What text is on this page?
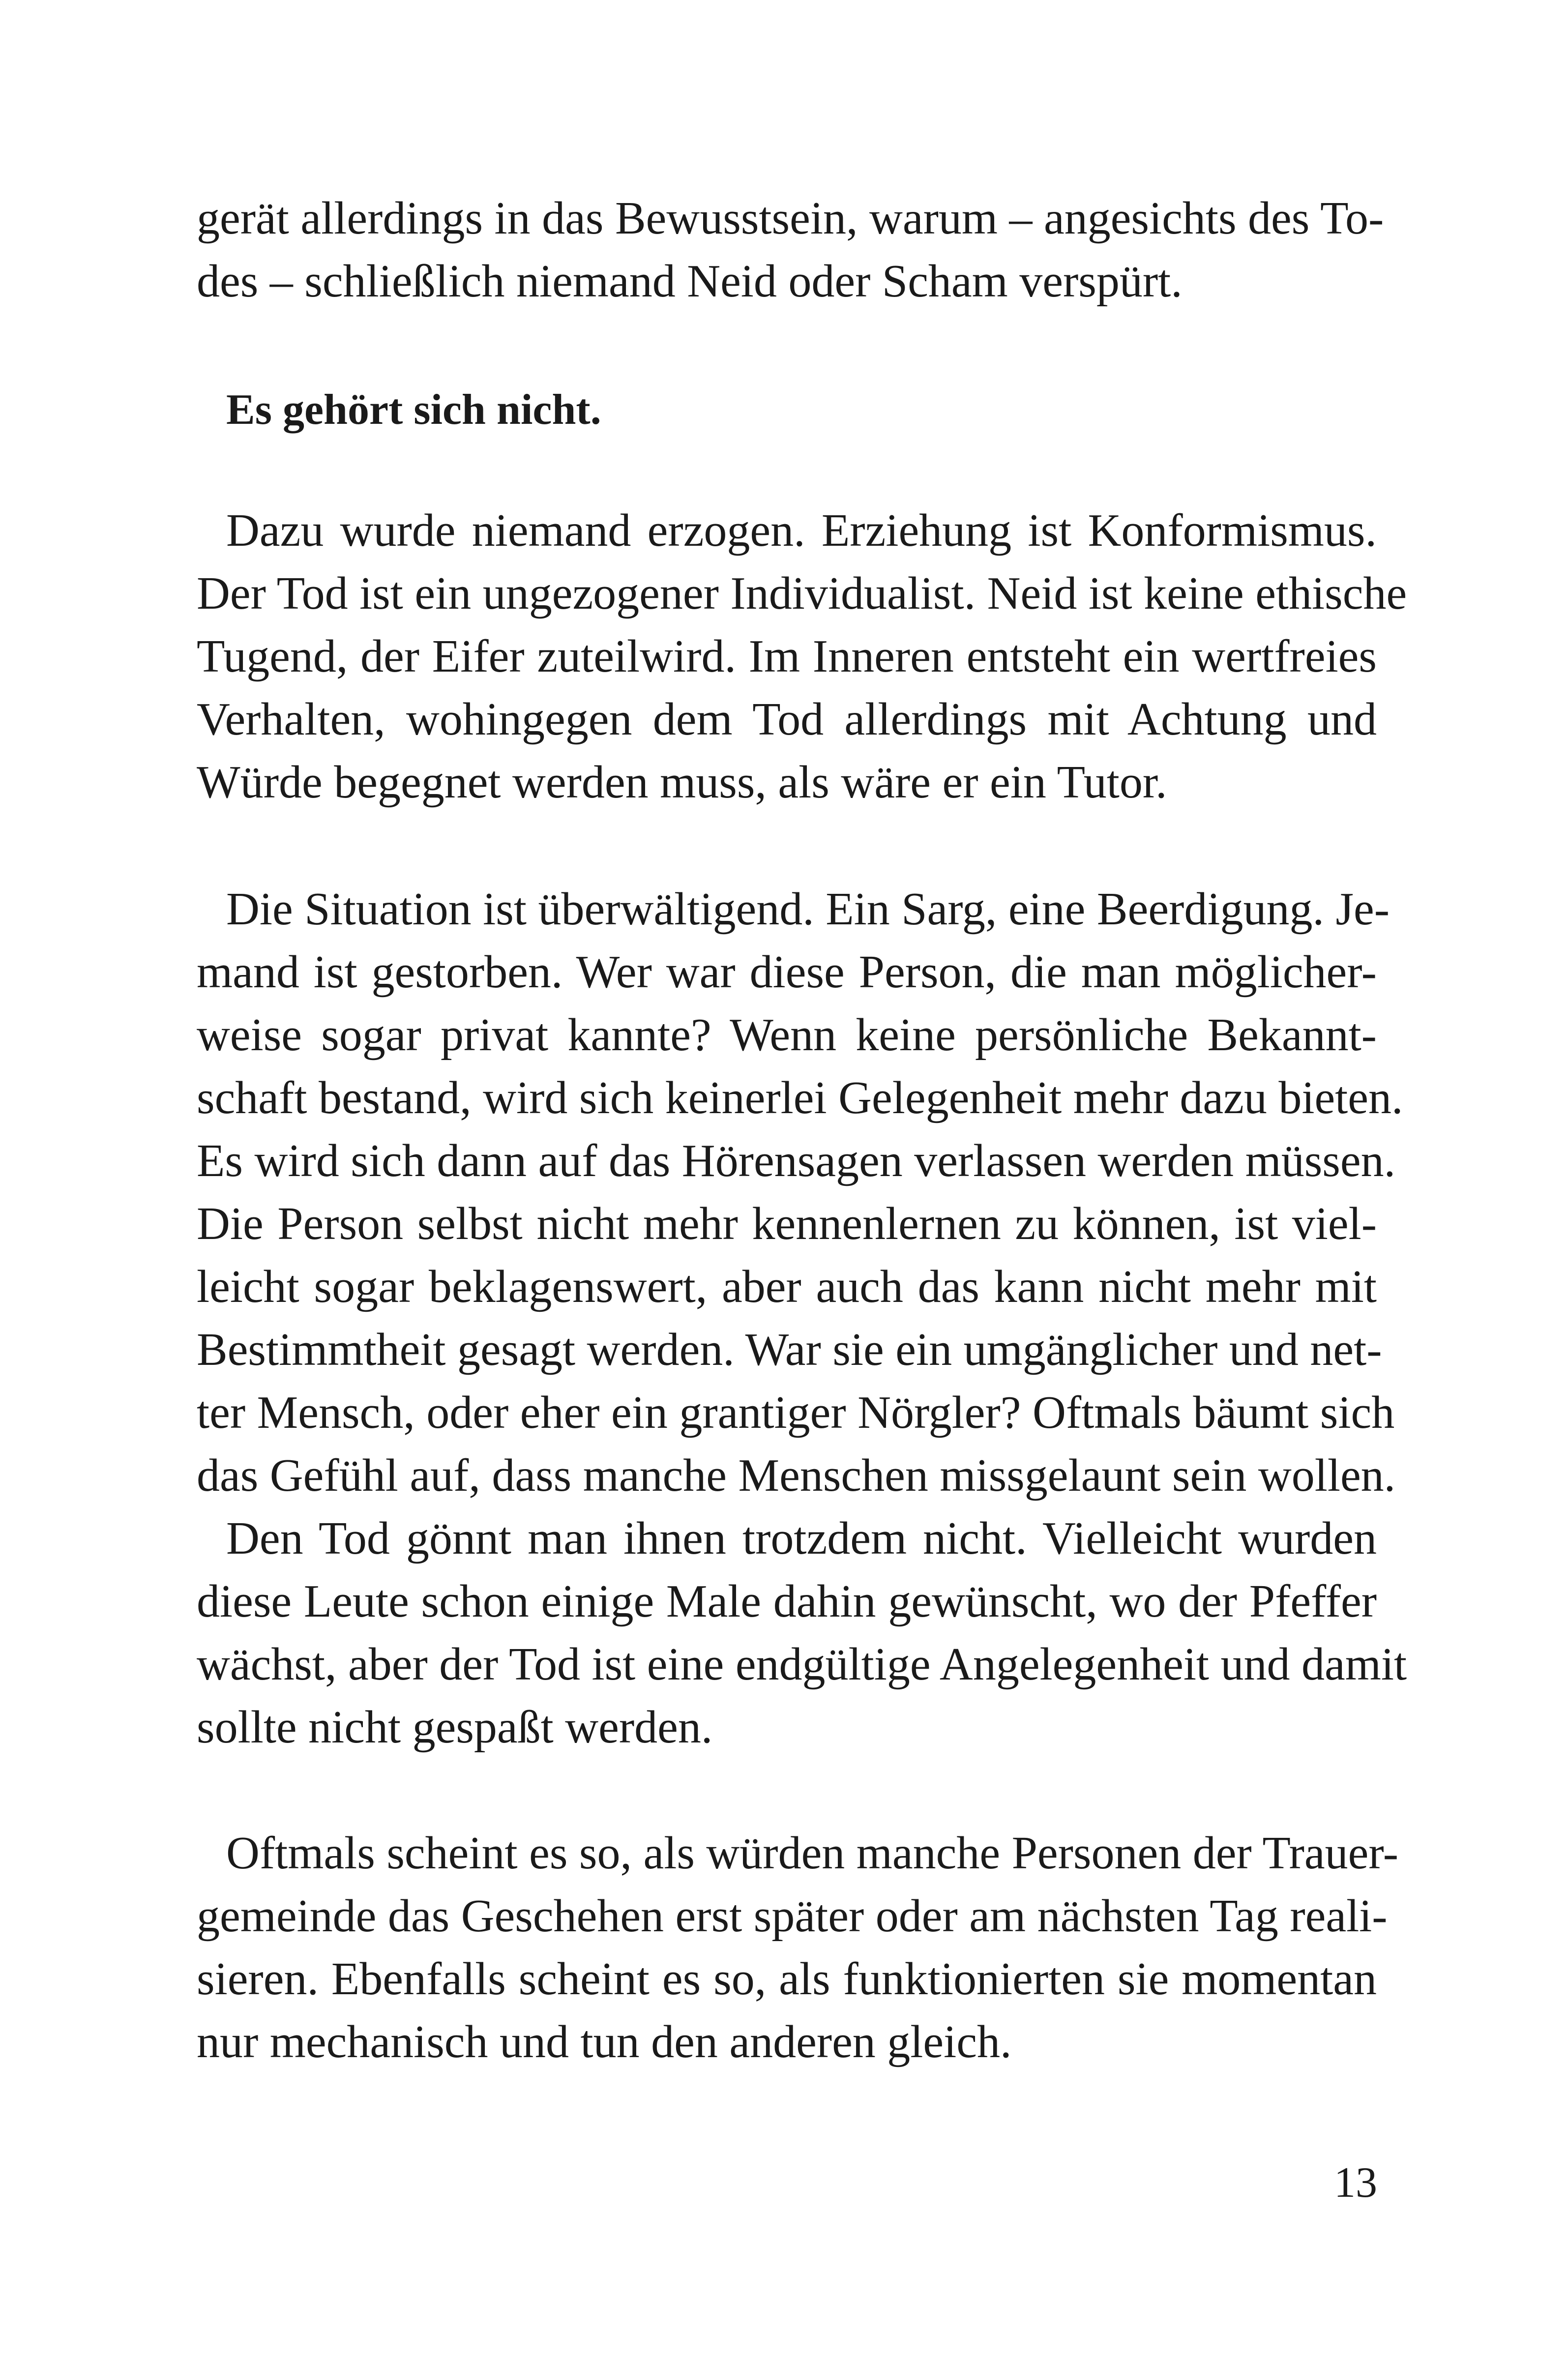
gerät allerdings in das Bewusstsein, warum – angesichts des To-
des – schließlich niemand Neid oder Scham verspürt.
Es gehört sich nicht.
Dazu wurde niemand erzogen. Erziehung ist Konformismus.
Der Tod ist ein ungezogener Individualist. Neid ist keine ethische
Tugend, der Eifer zuteilwird. Im Inneren entsteht ein wertfreies
Verhalten, wohingegen dem Tod allerdings mit Achtung und
Würde begegnet werden muss, als wäre er ein Tutor.
Die Situation ist überwältigend. Ein Sarg, eine Beerdigung. Je-
mand ist gestorben. Wer war diese Person, die man möglicher-
weise sogar privat kannte? Wenn keine persönliche Bekannt-
schaft bestand, wird sich keinerlei Gelegenheit mehr dazu bieten.
Es wird sich dann auf das Hörensagen verlassen werden müssen.
Die Person selbst nicht mehr kennenlernen zu können, ist viel-
leicht sogar beklagenswert, aber auch das kann nicht mehr mit
Bestimmtheit gesagt werden. War sie ein umgänglicher und net-
ter Mensch, oder eher ein grantiger Nörgler? Oftmals bäumt sich
das Gefühl auf, dass manche Menschen missgelaunt sein wollen.
Den Tod gönnt man ihnen trotzdem nicht. Vielleicht wurden
diese Leute schon einige Male dahin gewünscht, wo der Pfeffer
wächst, aber der Tod ist eine endgültige Angelegenheit und damit
sollte nicht gespaßt werden.
Oftmals scheint es so, als würden manche Personen der Trauer-
gemeinde das Geschehen erst später oder am nächsten Tag reali-
sieren. Ebenfalls scheint es so, als funktionierten sie momentan
nur mechanisch und tun den anderen gleich.
13
